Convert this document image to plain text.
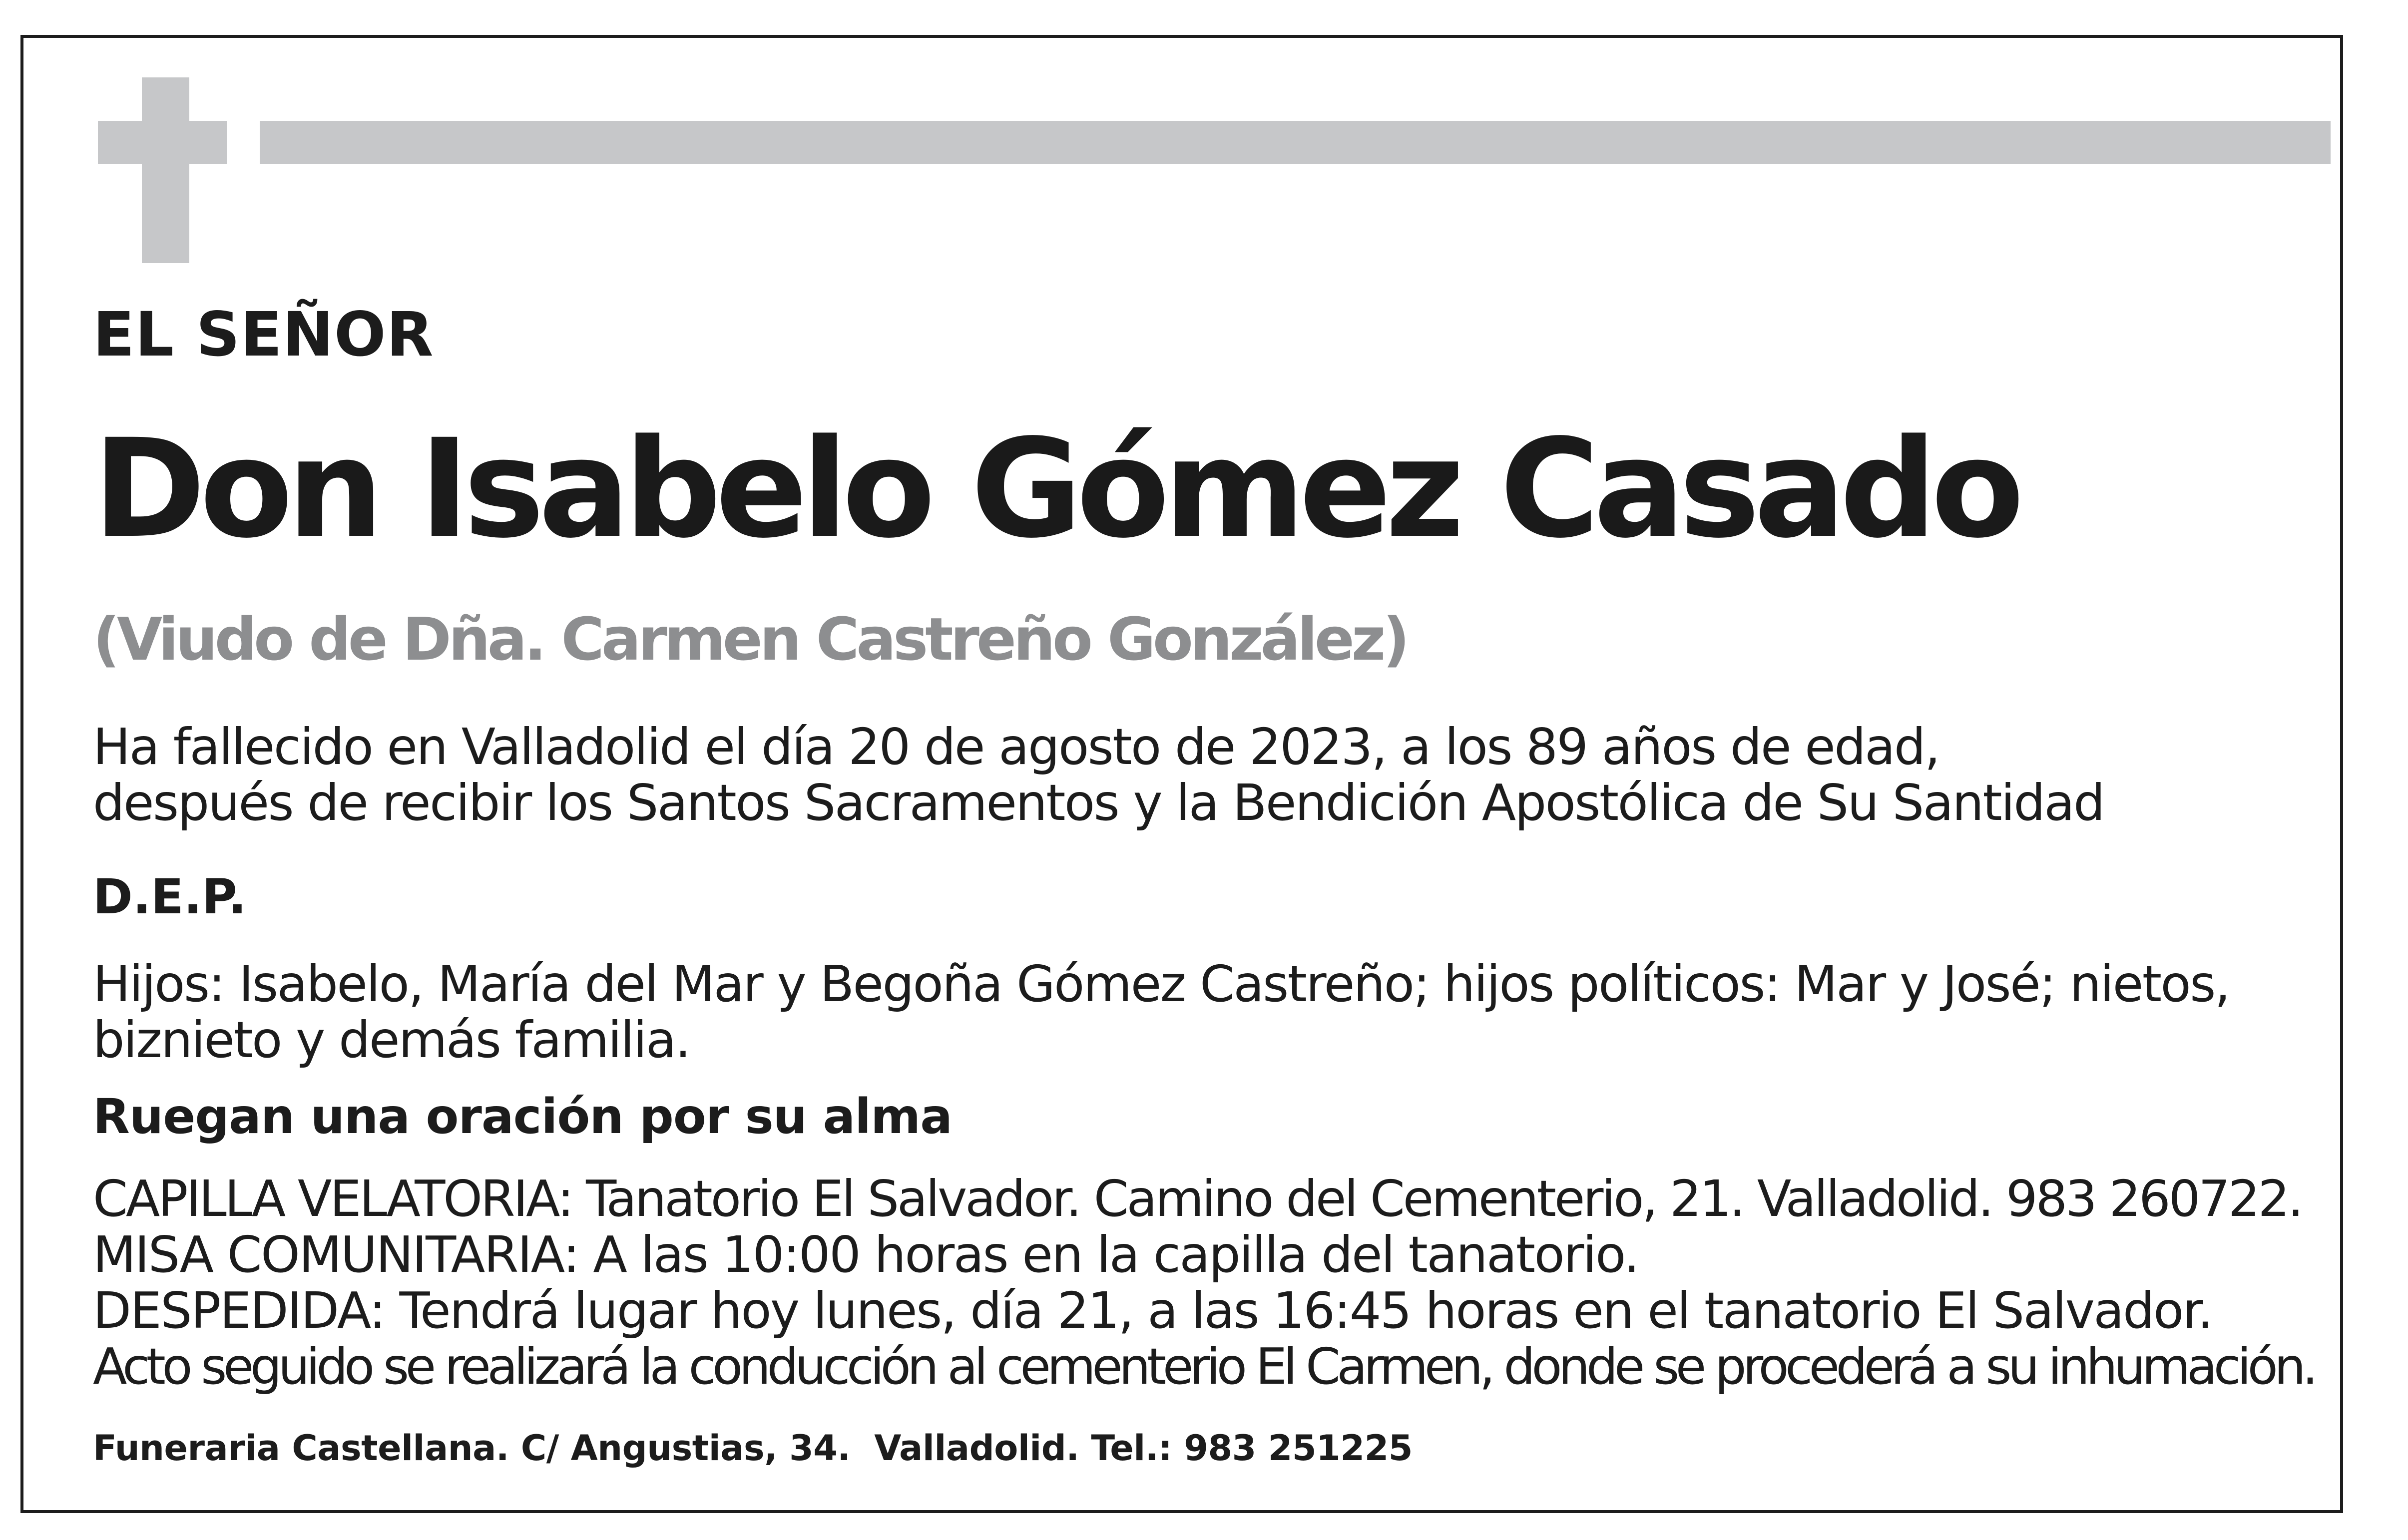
EL SEÑOR

Don Isabelo Gómez Casado

(Viudo de Dña. Carmen Castreño González)

Ha fallecido en Valladolid el día 20 de agosto de 2023, a los 89 años de edad,

después de recibir los Santos Sacramentos y la Bendición Apostólica de Su Santidad

D.E.P.

Hijos: Isabelo, María del Mar y Begoña Gómez Castreño; hijos políticos: Mar y José; nietos,

biznieto y demás familia.

Ruegan una oración por su alma

CAPILLA VELATORIA: Tanatorio El Salvador. Camino del Cementerio, 21. Valladolid. 983 260722.

MISA COMUNITARIA: A las 10:00 horas en la capilla del tanatorio.

DESPEDIDA: Tendrá lugar hoy lunes, día 21, a las 16:45 horas en el tanatorio El Salvador.

Acto seguido se realizará la conducción al cementerio El Carmen, donde se procederá a su inhumación.

Funeraria Castellana. C/ Angustias, 34.  Valladolid. Tel.: 983 251225
